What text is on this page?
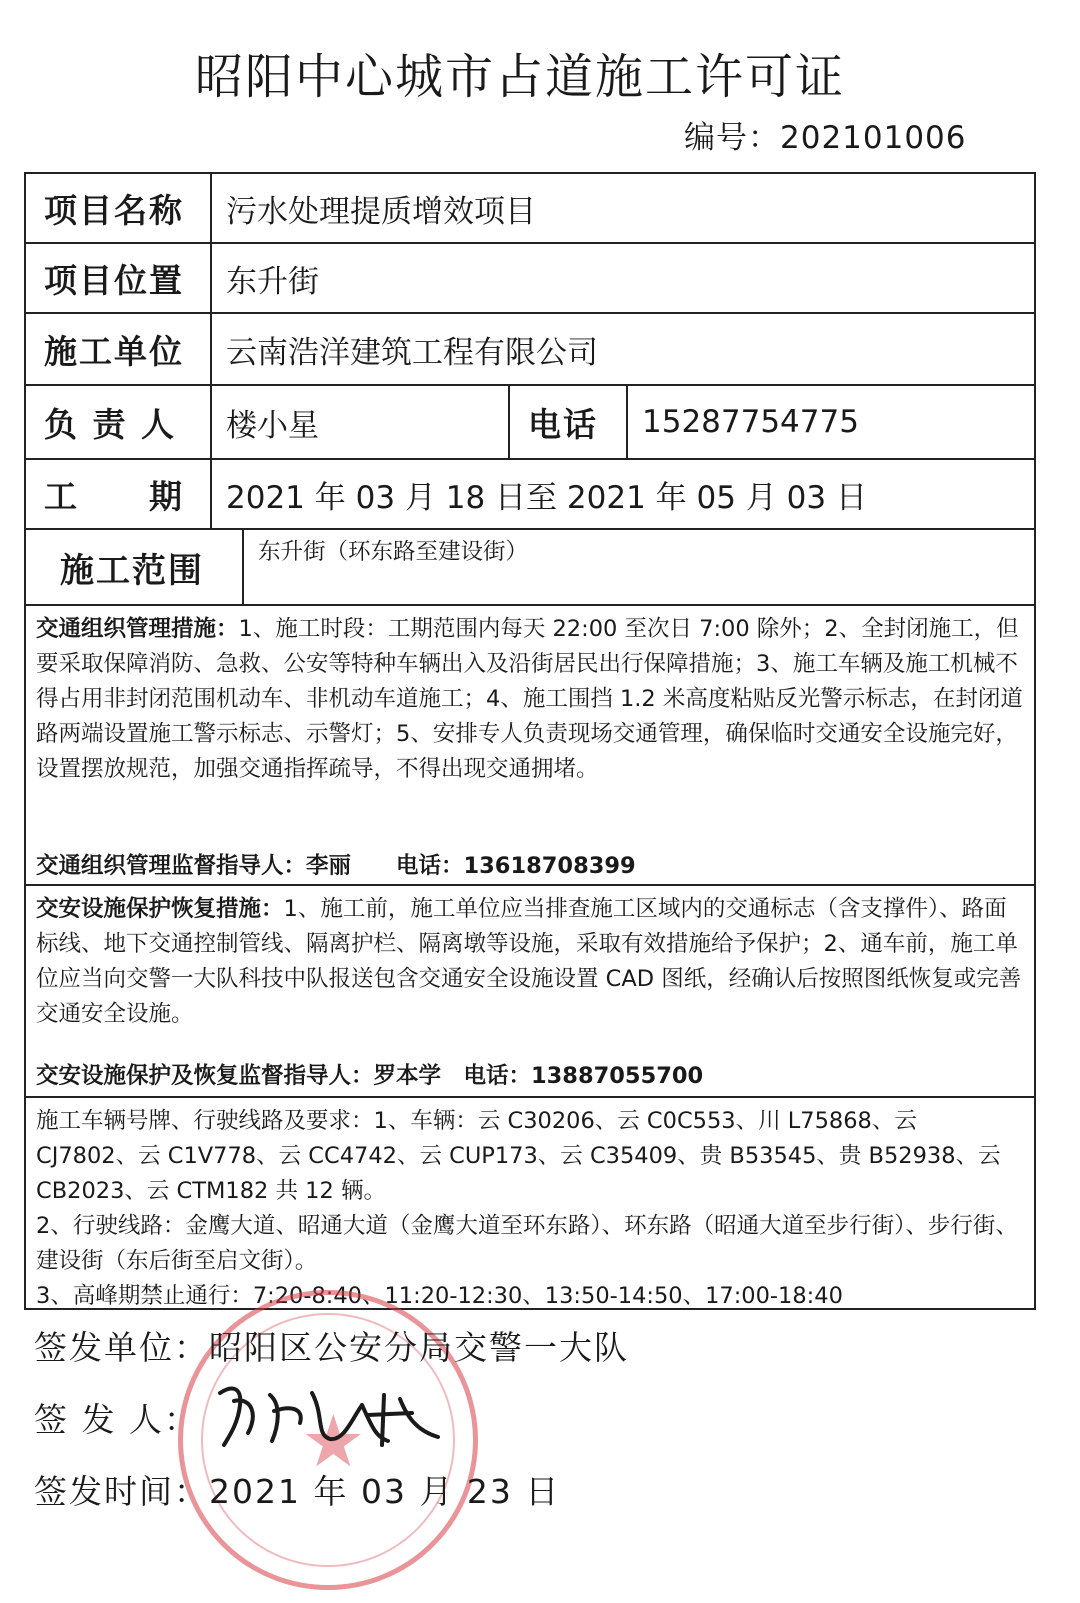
昭阳中心城市占道施工许可证
编号：202101006
项目名称	污水处理提质增效项目
项目位置	东升街
施工单位	云南浩洋建筑工程有限公司
负 责 人	楼小星	电话	15287754775
工　　期	2021 年 03 月 18 日至 2021 年 05 月 03 日
施工范围	东升街（环东路至建设街）
交通组织管理措施：1、施工时段：工期范围内每天 22:00 至次日 7:00 除外；2、全封闭施工，但要采取保障消防、急救、公安等特种车辆出入及沿街居民出行保障措施；3、施工车辆及施工机械不得占用非封闭范围机动车、非机动车道施工；4、施工围挡 1.2 米高度粘贴反光警示标志，在封闭道路两端设置施工警示标志、示警灯；5、安排专人负责现场交通管理，确保临时交通安全设施完好，设置摆放规范，加强交通指挥疏导，不得出现交通拥堵。
交通组织管理监督指导人：李丽　　电话：13618708399
交安设施保护恢复措施：1、施工前，施工单位应当排查施工区域内的交通标志（含支撑件）、路面标线、地下交通控制管线、隔离护栏、隔离墩等设施，采取有效措施给予保护；2、通车前，施工单位应当向交警一大队科技中队报送包含交通安全设施设置 CAD 图纸，经确认后按照图纸恢复或完善交通安全设施。
交安设施保护及恢复监督指导人：罗本学　电话：13887055700
施工车辆号牌、行驶线路及要求：1、车辆：云 C30206、云 C0C553、川 L75868、云 CJ7802、云 C1V778、云 CC4742、云 CUP173、云 C35409、贵 B53545、贵 B52938、云 CB2023、云 CTM182 共 12 辆。
2、行驶线路：金鹰大道、昭通大道（金鹰大道至环东路）、环东路（昭通大道至步行街）、步行街、建设街（东后街至启文街）。
3、高峰期禁止通行：7:20-8:40、11:20-12:30、13:50-14:50、17:00-18:40
★
签发单位：昭阳区公安分局交警一大队
签 发 人：
签发时间：2021 年 03 月 23 日
